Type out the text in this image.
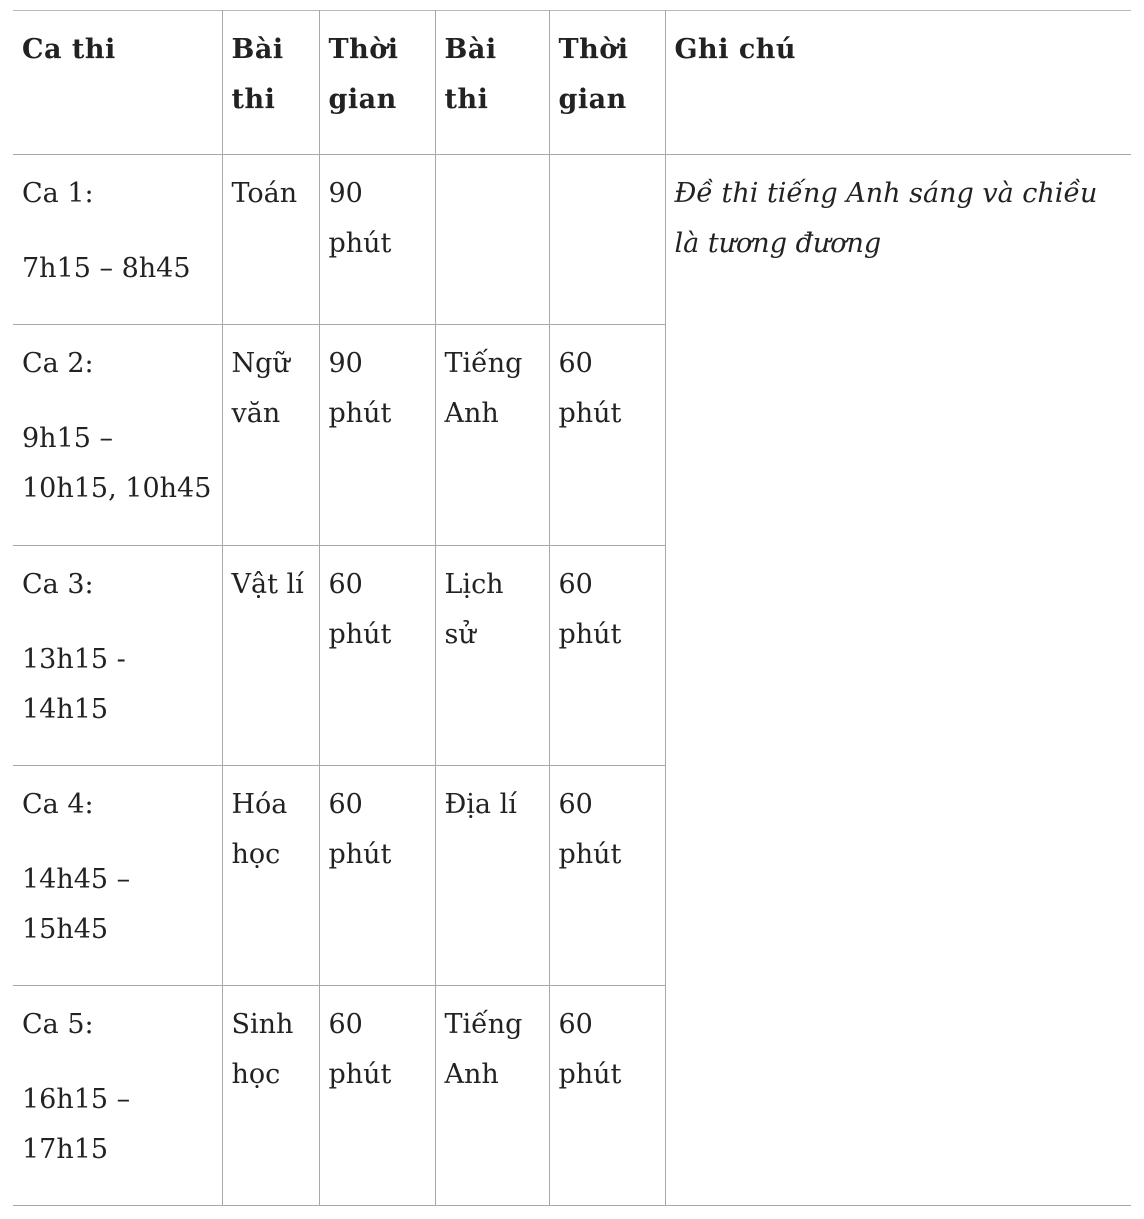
Ca thi	Bài thi	Thời gian	Bài thi	Thời gian	Ghi chú

Ca 1:
7h15 – 8h45	Toán	90 phút			Đề thi tiếng Anh sáng và chiều là tương đương

Ca 2:
9h15 – 10h15, 10h45	Ngữ văn	90 phút	Tiếng Anh	60 phút	

Ca 3:
13h15 - 14h15	Vật lí	60 phút	Lịch sử	60 phút	

Ca 4:
14h45 – 15h45	Hóa học	60 phút	Địa lí	60 phút	

Ca 5:
16h15 – 17h15	Sinh học	60 phút	Tiếng Anh	60 phút	
